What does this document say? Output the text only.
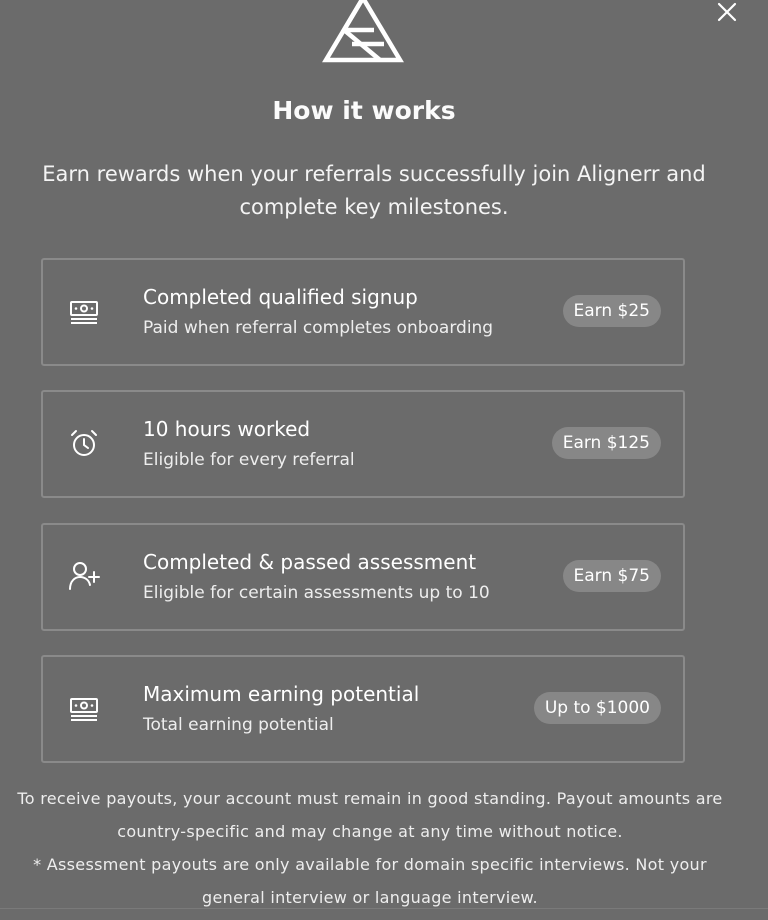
How it works
Earn rewards when your referrals successfully join Alignerr and complete key milestones.
Completed qualified signup
Paid when referral completes onboarding
Earn $25
10 hours worked
Eligible for every referral
Earn $125
Completed & passed assessment
Eligible for certain assessments up to 10
Earn $75
Maximum earning potential
Total earning potential
Up to $1000

To receive payouts, your account must remain in good standing. Payout amounts are country-specific and may change at any time without notice.

* Assessment payouts are only available for domain specific interviews. Not your general interview or language interview.
